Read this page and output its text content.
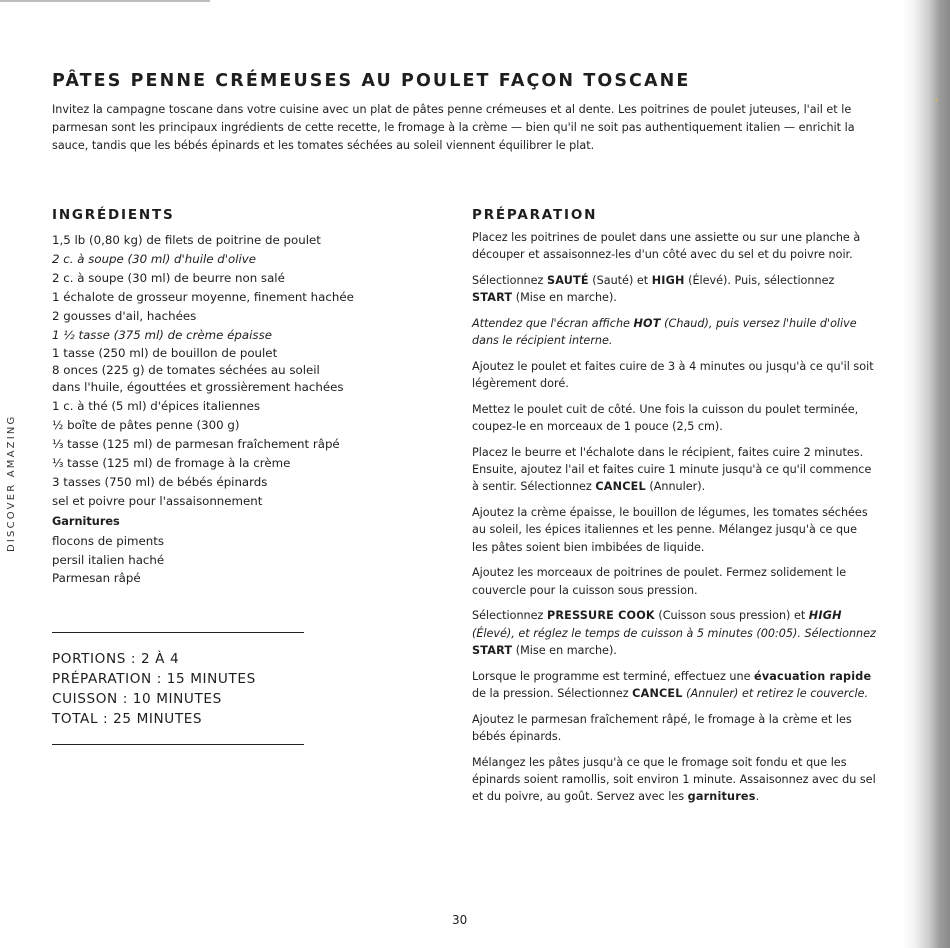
PÂTES PENNE CRÉMEUSES AU POULET FAÇON TOSCANE

Invitez la campagne toscane dans votre cuisine avec un plat de pâtes penne crémeuses et al dente. Les poitrines de poulet juteuses, l'ail et le parmesan sont les principaux ingrédients de cette recette, le fromage à la crème — bien qu'il ne soit pas authentiquement italien — enrichit la sauce, tandis que les bébés épinards et les tomates séchées au soleil viennent équilibrer le plat.

DISCOVER AMAZING
INGRÉDIENTS
1,5 lb (0,80 kg) de filets de poitrine de poulet
2 c. à soupe (30 ml) d'huile d'olive
2 c. à soupe (30 ml) de beurre non salé
1 échalote de grosseur moyenne, finement hachée
2 gousses d'ail, hachées
1 ½ tasse (375 ml) de crème épaisse
1 tasse (250 ml) de bouillon de poulet
8 onces (225 g) de tomates séchées au soleil
dans l'huile, égouttées et grossièrement hachées
1 c. à thé (5 ml) d'épices italiennes
½ boîte de pâtes penne (300 g)
⅓ tasse (125 ml) de parmesan fraîchement râpé
⅓ tasse (125 ml) de fromage à la crème
3 tasses (750 ml) de bébés épinards
sel et poivre pour l'assaisonnement
Garnitures
flocons de piments
persil italien haché
Parmesan râpé
PORTIONS : 2 À 4
PRÉPARATION : 15 MINUTES
CUISSON : 10 MINUTES
TOTAL : 25 MINUTES
PRÉPARATION

Placez les poitrines de poulet dans une assiette ou sur une planche à découper et assaisonnez-les d'un côté avec du sel et du poivre noir.

Sélectionnez SAUTÉ (Sauté) et HIGH (Élevé). Puis, sélectionnez START (Mise en marche).

Attendez que l'écran affiche HOT (Chaud), puis versez l'huile d'olive dans le récipient interne.

Ajoutez le poulet et faites cuire de 3 à 4 minutes ou jusqu'à ce qu'il soit légèrement doré.

Mettez le poulet cuit de côté. Une fois la cuisson du poulet terminée, coupez-le en morceaux de 1 pouce (2,5 cm).

Placez le beurre et l'échalote dans le récipient, faites cuire 2 minutes. Ensuite, ajoutez l'ail et faites cuire 1 minute jusqu'à ce qu'il commence à sentir. Sélectionnez CANCEL (Annuler).

Ajoutez la crème épaisse, le bouillon de légumes, les tomates séchées au soleil, les épices italiennes et les penne. Mélangez jusqu'à ce que les pâtes soient bien imbibées de liquide.

Ajoutez les morceaux de poitrines de poulet. Fermez solidement le couvercle pour la cuisson sous pression.

Sélectionnez PRESSURE COOK (Cuisson sous pression) et HIGH (Élevé), et réglez le temps de cuisson à 5 minutes (00:05). Sélectionnez START (Mise en marche).

Lorsque le programme est terminé, effectuez une évacuation rapide de la pression. Sélectionnez CANCEL (Annuler) et retirez le couvercle.

Ajoutez le parmesan fraîchement râpé, le fromage à la crème et les bébés épinards.

Mélangez les pâtes jusqu'à ce que le fromage soit fondu et que les épinards soient ramollis, soit environ 1 minute. Assaisonnez avec du sel et du poivre, au goût. Servez avec les garnitures.

30
